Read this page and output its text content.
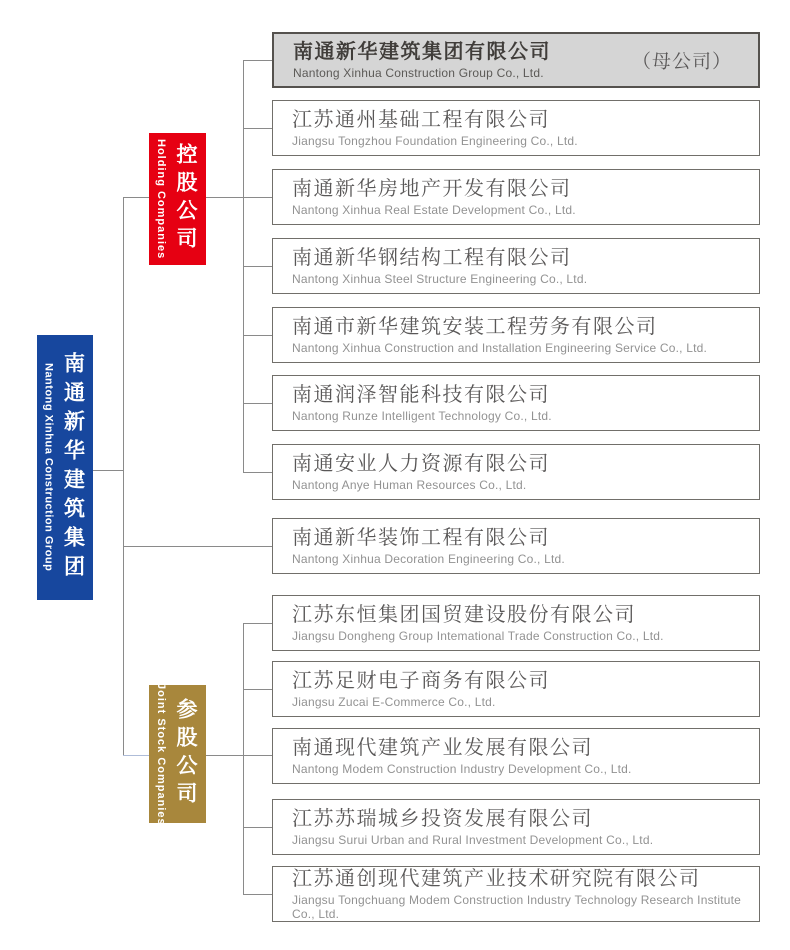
Nantong Xinhua Construction Group 南通新华建筑集团
Holding Companies 控股公司
Joint Stock Companies 参股公司
南通新华建筑集团有限公司
Nantong Xinhua Construction Group Co., Ltd.	（母公司）
江苏通州基础工程有限公司
Jiangsu Tongzhou Foundation Engineering Co., Ltd.
南通新华房地产开发有限公司
Nantong Xinhua Real Estate Development Co., Ltd.
南通新华钢结构工程有限公司
Nantong Xinhua Steel Structure Engineering Co., Ltd.
南通市新华建筑安装工程劳务有限公司
Nantong Xinhua Construction and Installation Engineering Service Co., Ltd.
南通润泽智能科技有限公司
Nantong Runze Intelligent Technology Co., Ltd.
南通安业人力资源有限公司
Nantong Anye Human Resources Co., Ltd.
南通新华装饰工程有限公司
Nantong Xinhua Decoration Engineering Co., Ltd.
江苏东恒集团国贸建设股份有限公司
Jiangsu Dongheng Group Intemational Trade Construction Co., Ltd.
江苏足财电子商务有限公司
Jiangsu Zucai E-Commerce Co., Ltd.
南通现代建筑产业发展有限公司
Nantong Modem Construction Industry Development Co., Ltd.
江苏苏瑞城乡投资发展有限公司
Jiangsu Surui Urban and Rural Investment Development Co., Ltd.
江苏通创现代建筑产业技术研究院有限公司
Jiangsu Tongchuang Modem Construction Industry Technology Research Institute Co., Ltd.
